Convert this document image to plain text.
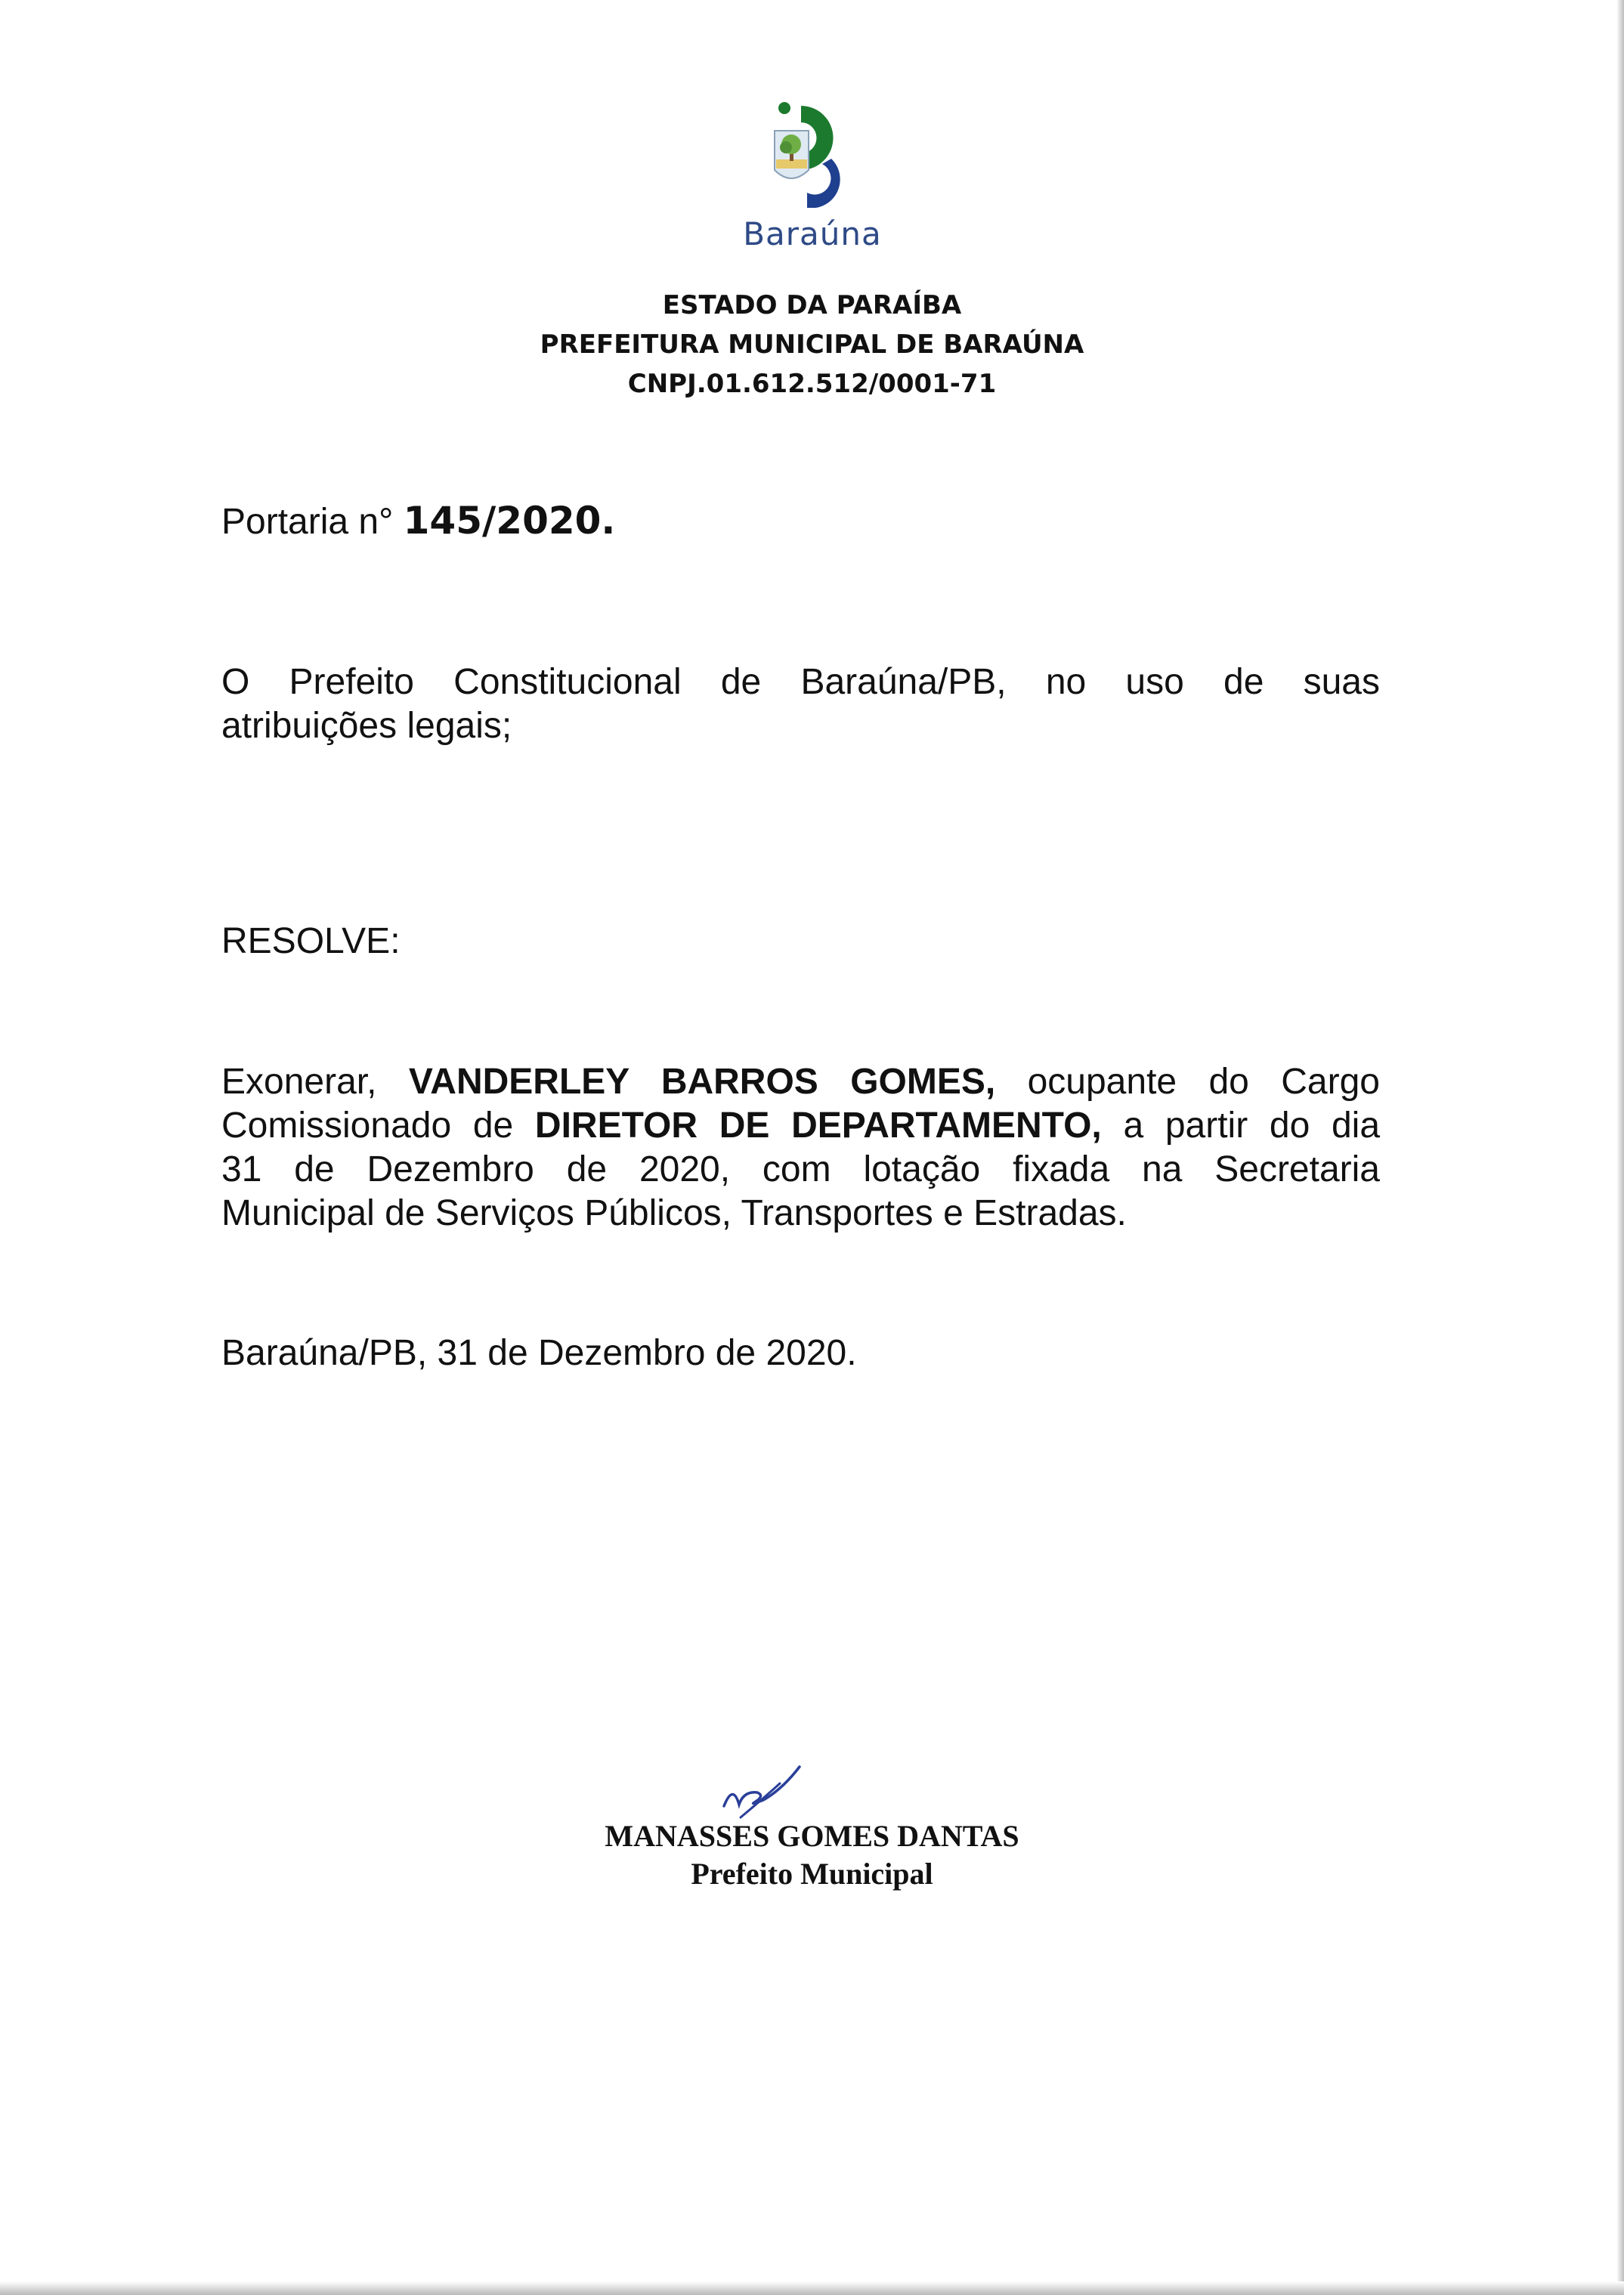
Baraúna
ESTADO DA PARAÍBA
PREFEITURA MUNICIPAL DE BARAÚNA
CNPJ.01.612.512/0001-71
Portaria n° 145/2020.
O Prefeito Constitucional de Baraúna/PB, no uso de suas
atribuições legais;
RESOLVE:
Exonerar, VANDERLEY BARROS GOMES, ocupante do Cargo
Comissionado de DIRETOR DE DEPARTAMENTO, a partir do dia
31 de Dezembro de 2020, com lotação fixada na Secretaria
Municipal de Serviços Públicos, Transportes e Estradas.
Baraúna/PB, 31 de Dezembro de 2020.
MANASSES GOMES DANTAS
Prefeito Municipal
